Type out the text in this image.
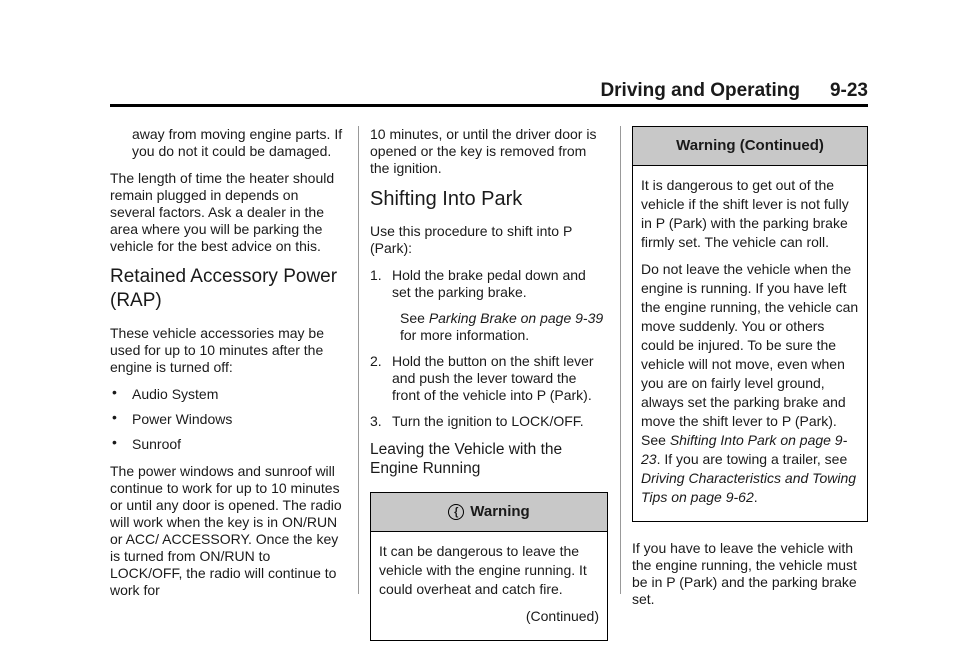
Driving and Operating 9-23

away from moving engine parts. If you do not it could be damaged.

The length of time the heater should remain plugged in depends on several factors. Ask a dealer in the area where you will be parking the vehicle for the best advice on this.

Retained Accessory Power (RAP)

These vehicle accessories may be used for up to 10 minutes after the engine is turned off:

• Audio System
• Power Windows
• Sunroof

The power windows and sunroof will continue to work for up to 10 minutes or until any door is opened. The radio will work when the key is in ON/RUN or ACC/ ACCESSORY. Once the key is turned from ON/RUN to LOCK/OFF, the radio will continue to work for

10 minutes, or until the driver door is opened or the key is removed from the ignition.

Shifting Into Park

Use this procedure to shift into P (Park):

1. Hold the brake pedal down and set the parking brake.
See Parking Brake on page 9-39 for more information.
2. Hold the button on the shift lever and push the lever toward the front of the vehicle into P (Park).
3. Turn the ignition to LOCK/OFF.
Leaving the Vehicle with the Engine Running
{ Warning

It can be dangerous to leave the vehicle with the engine running. It could overheat and catch fire.

(Continued)

Warning (Continued)

It is dangerous to get out of the vehicle if the shift lever is not fully in P (Park) with the parking brake firmly set. The vehicle can roll.

Do not leave the vehicle when the engine is running. If you have left the engine running, the vehicle can move suddenly. You or others could be injured. To be sure the vehicle will not move, even when you are on fairly level ground, always set the parking brake and move the shift lever to P (Park). See Shifting Into Park on page 9-23. If you are towing a trailer, see Driving Characteristics and Towing Tips on page 9-62.

If you have to leave the vehicle with the engine running, the vehicle must be in P (Park) and the parking brake set.
